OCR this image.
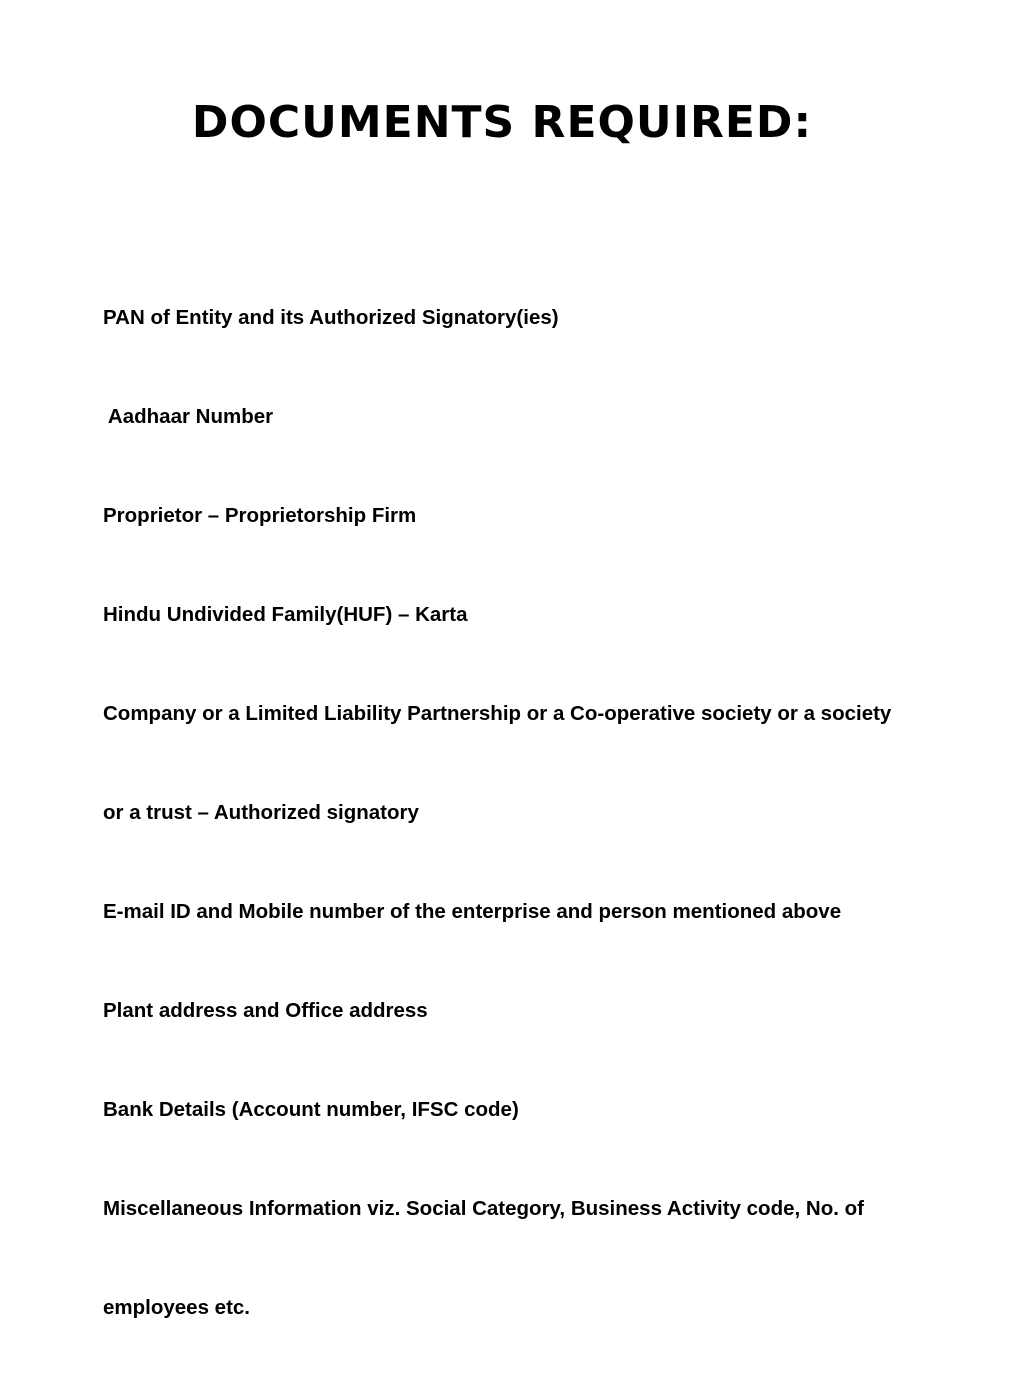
DOCUMENTS REQUIRED:

PAN of Entity and its Authorized Signatory(ies)

Aadhaar Number

Proprietor – Proprietorship Firm

Hindu Undivided Family(HUF) – Karta

Company or a Limited Liability Partnership or a Co-operative society or a society

or a trust – Authorized signatory

E-mail ID and Mobile number of the enterprise and person mentioned above

Plant address and Office address

Bank Details (Account number, IFSC code)

Miscellaneous Information viz. Social Category, Business Activity code, No. of

employees etc.
